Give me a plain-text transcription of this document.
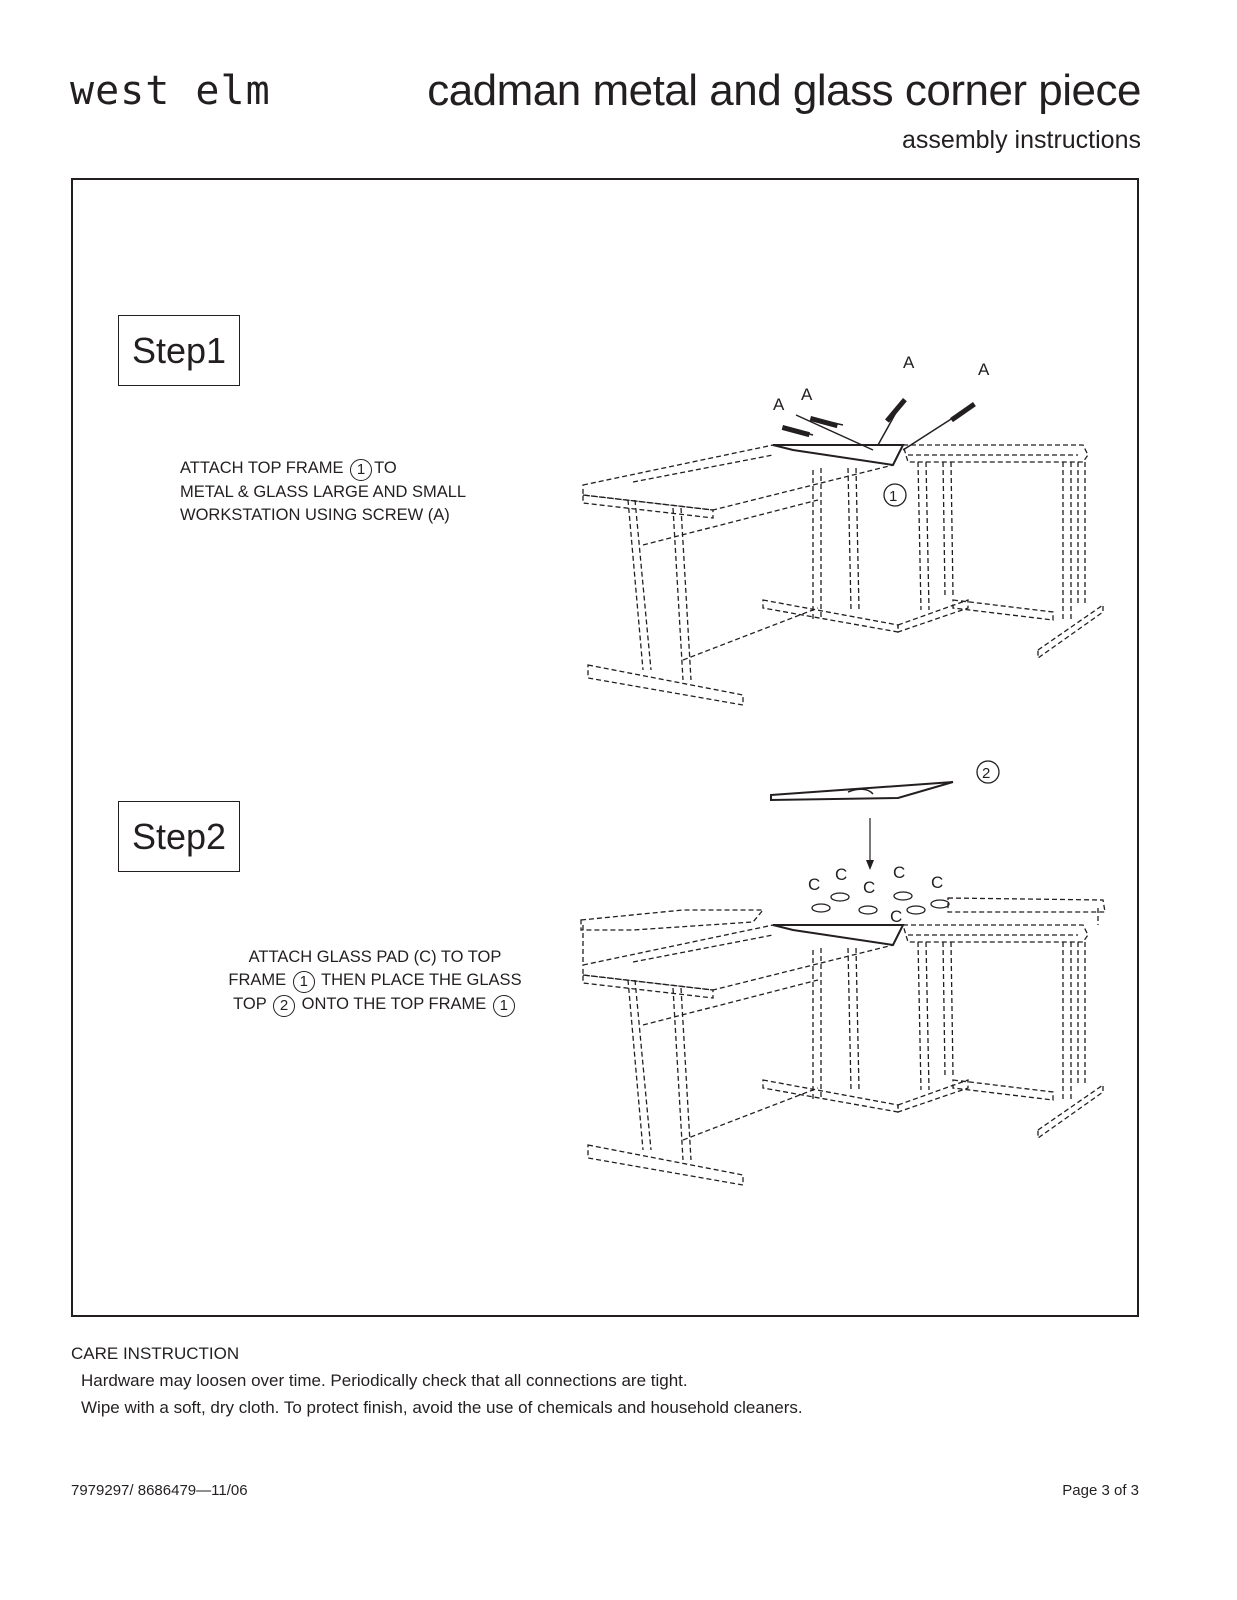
west elm	cadman metal and glass corner piece
assembly instructions
Step1
ATTACH TOP FRAME 1 TO
METAL & GLASS LARGE AND SMALL
WORKSTATION USING SCREW (A)
Step2
ATTACH GLASS PAD (C) TO TOP
FRAME 1 THEN PLACE THE GLASS
TOP 2 ONTO THE TOP FRAME 1
A
A
A	A
1
2
C
C
C
C
C
C
CARE INSTRUCTION
Hardware may loosen over time. Periodically check that all connections are tight.
Wipe with a soft, dry cloth. To protect finish, avoid the use of chemicals and household cleaners.
7979297/ 8686479—11/06	Page 3 of 3
